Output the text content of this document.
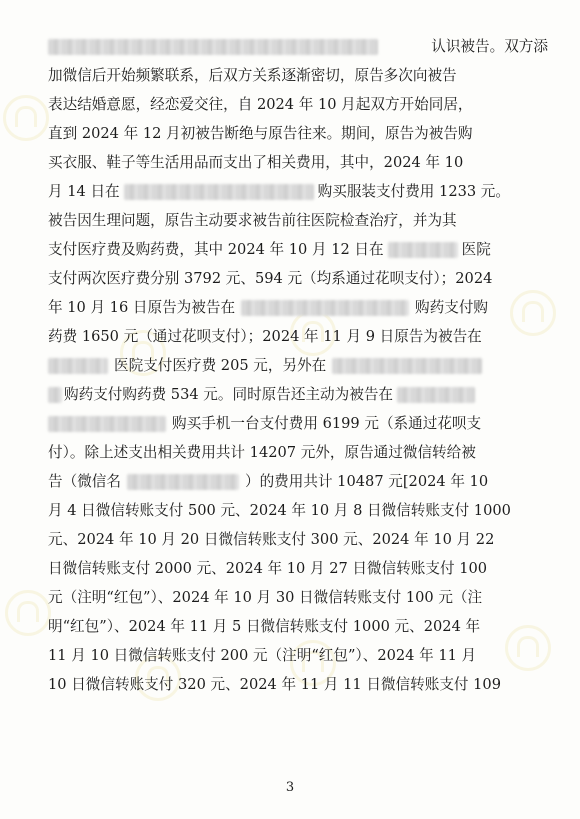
认识被告。双方添
加微信后开始频繁联系，后双方关系逐渐密切，原告多次向被告
表达结婚意愿，经恋爱交往，自 2024 年 10 月起双方开始同居，
直到 2024 年 12 月初被告断绝与原告往来。期间，原告为被告购
买衣服、鞋子等生活用品而支出了相关费用，其中，2024 年 10
月 14 日在	购买服装支付费用 1233 元。
被告因生理问题，原告主动要求被告前往医院检查治疗，并为其
支付医疗费及购药费，其中 2024 年 10 月 12 日在	医院
支付两次医疗费分别 3792 元、594 元（均系通过花呗支付）；2024
年 10 月 16 日原告为被告在	购药支付购
药费 1650 元（通过花呗支付）；2024 年 11 月 9 日原告为被告在
医院支付医疗费 205 元，另外在
购药支付购药费 534 元。同时原告还主动为被告在
购买手机一台支付费用 6199 元（系通过花呗支
付）。除上述支出相关费用共计 14207 元外，原告通过微信转给被
告（微信名	）的费用共计 10487 元[2024 年 10
月 4 日微信转账支付 500 元、2024 年 10 月 8 日微信转账支付 1000
元、2024 年 10 月 20 日微信转账支付 300 元、2024 年 10 月 22
日微信转账支付 2000 元、2024 年 10 月 27 日微信转账支付 100
元（注明“红包”）、2024 年 10 月 30 日微信转账支付 100 元（注
明“红包”）、2024 年 11 月 5 日微信转账支付 1000 元、2024 年
11 月 10 日微信转账支付 200 元（注明“红包”）、2024 年 11 月
10 日微信转账支付 320 元、2024 年 11 月 11 日微信转账支付 109
3
